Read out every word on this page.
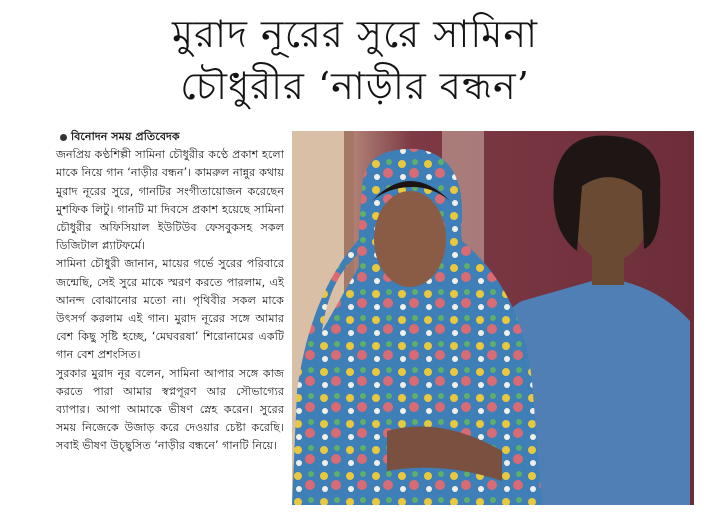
মুরাদ নূরের সুরে সামিনা
চৌধুরীর ‘নাড়ীর বন্ধন’
বিনোদন সময় প্রতিবেদক

জনপ্রিয় কণ্ঠশিল্পী সামিনা চৌধুরীর কণ্ঠে প্রকাশ হলো মাকে নিয়ে গান ‘নাড়ীর বন্ধন’। কামরুল নান্নুর কথায় মুরাদ নূরের সুরে, গানটির সংগীতায়োজন করেছেন মুশফিক লিটু। গানটি মা দিবসে প্রকাশ হয়েছে সামিনা চৌধুরীর অফিসিয়াল ইউটিউব ফেসবুকসহ সকল ডিজিটাল প্ল্যাটফর্মে।

সামিনা চৌধুরী জানান, মায়ের গর্ভে সুরের পরিবারে জন্মেছি, সেই সুরে মাকে স্মরণ করতে পারলাম, এই আনন্দ বোঝানোর মতো না। পৃথিবীর সকল মাকে উৎসর্গ করলাম এই গান। মুরাদ নূরের সঙ্গে আমার বেশ কিছু সৃষ্টি হচ্ছে, ‘মেঘবরষা’ শিরোনামের একটি গান বেশ প্রশংসিত।

সুরকার মুরাদ নূর বলেন, সামিনা আপার সঙ্গে কাজ করতে পারা আমার স্বপ্নপূরণ আর সৌভাগ্যের ব্যাপার। আপা আমাকে ভীষণ স্নেহ করেন। সুরের সময় নিজেকে উজাড় করে দেওয়ার চেষ্টা করেছি। সবাই ভীষণ উচ্ছ্বসিত ‘নাড়ীর বন্ধনে’ গানটি নিয়ে।
